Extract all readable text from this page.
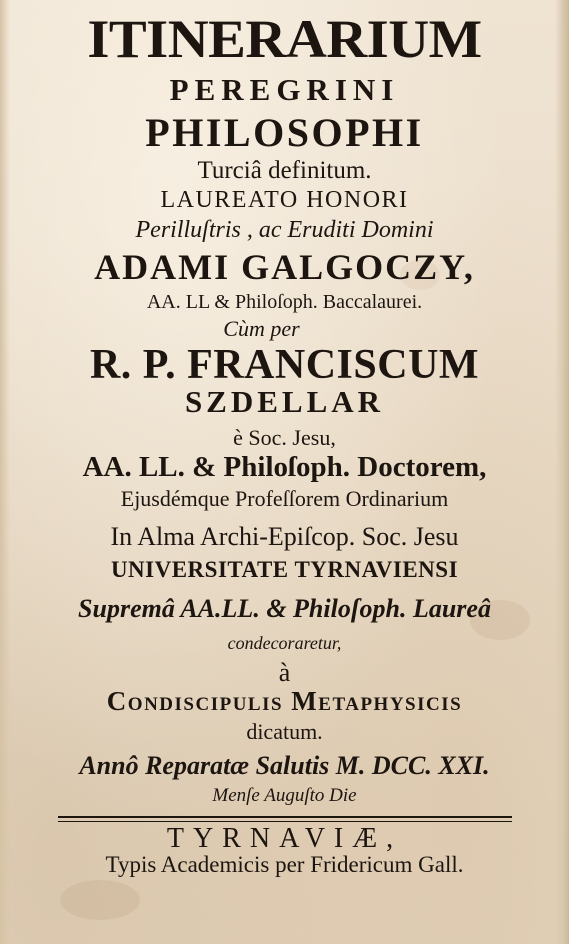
ITINERARIUM
PEREGRINI
PHILOSOPHI
Turciâ definitum.
LAUREATO HONORI
Perilluſtris , ac Eruditi Domini
ADAMI GALGOCZY,
AA. LL & Philoſoph. Baccalaurei.
Cùm per
R. P. FRANCISCUM
SZDELLAR
è Soc. Jesu,
AA. LL. & Philoſoph. Doctorem,
Ejusdémque Profeſſorem Ordinarium
In Alma Archi-Epiſcop. Soc. Jesu
UNIVERSITATE TYRNAVIENSI
Supremâ AA.LL. & Philoſoph. Laureâ
condecoraretur,
à
Condiscipulis Metaphysicis
dicatum.
Annô Reparatæ Salutis M. DCC. XXI.
Menſe Auguſto Die
TYRNAVIÆ,
Typis Academicis per Fridericum Gall.
